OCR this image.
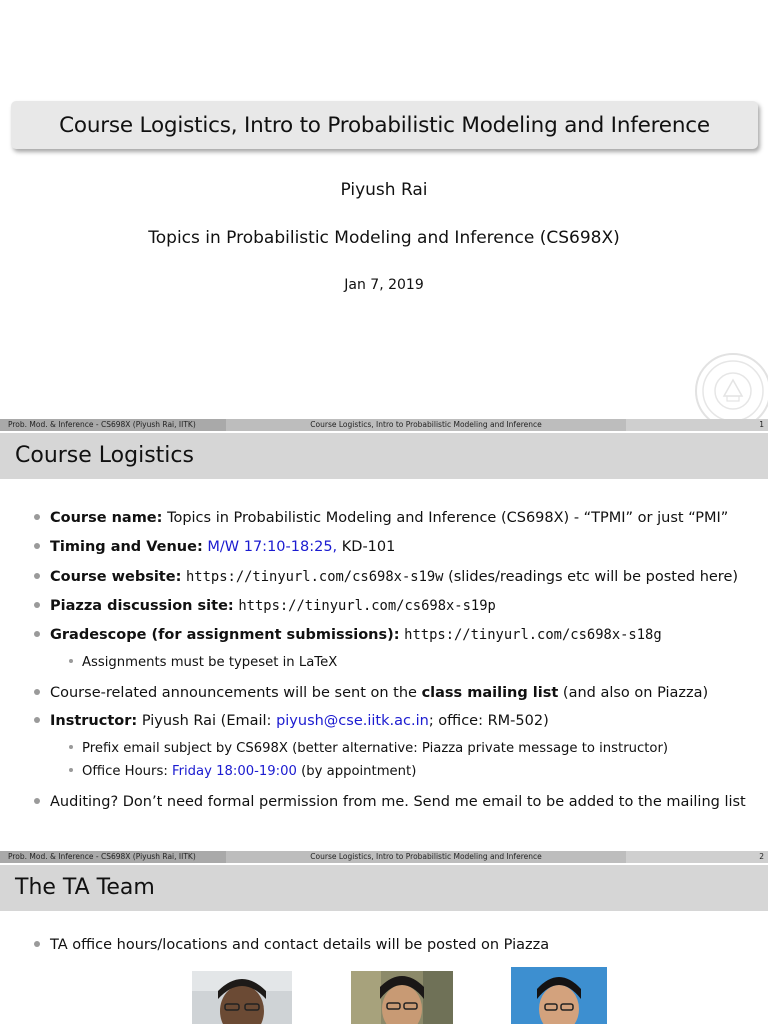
Course Logistics, Intro to Probabilistic Modeling and Inference
Piyush Rai
Topics in Probabilistic Modeling and Inference (CS698X)
Jan 7, 2019
Prob. Mod. & Inference - CS698X (Piyush Rai, IITK)	Course Logistics, Intro to Probabilistic Modeling and Inference	1
Course Logistics
Course name: Topics in Probabilistic Modeling and Inference (CS698X) - “TPMI” or just “PMI”
Timing and Venue: M/W 17:10-18:25, KD-101
Course website: https://tinyurl.com/cs698x-s19w (slides/readings etc will be posted here)
Piazza discussion site: https://tinyurl.com/cs698x-s19p
Gradescope (for assignment submissions): https://tinyurl.com/cs698x-s18g
Assignments must be typeset in LaTeX
Course-related announcements will be sent on the class mailing list (and also on Piazza)
Instructor: Piyush Rai (Email: piyush@cse.iitk.ac.in; office: RM-502)
Prefix email subject by CS698X (better alternative: Piazza private message to instructor)
Office Hours: Friday 18:00-19:00 (by appointment)
Auditing? Don’t need formal permission from me. Send me email to be added to the mailing list
Prob. Mod. & Inference - CS698X (Piyush Rai, IITK)	Course Logistics, Intro to Probabilistic Modeling and Inference	2
The TA Team
TA office hours/locations and contact details will be posted on Piazza
